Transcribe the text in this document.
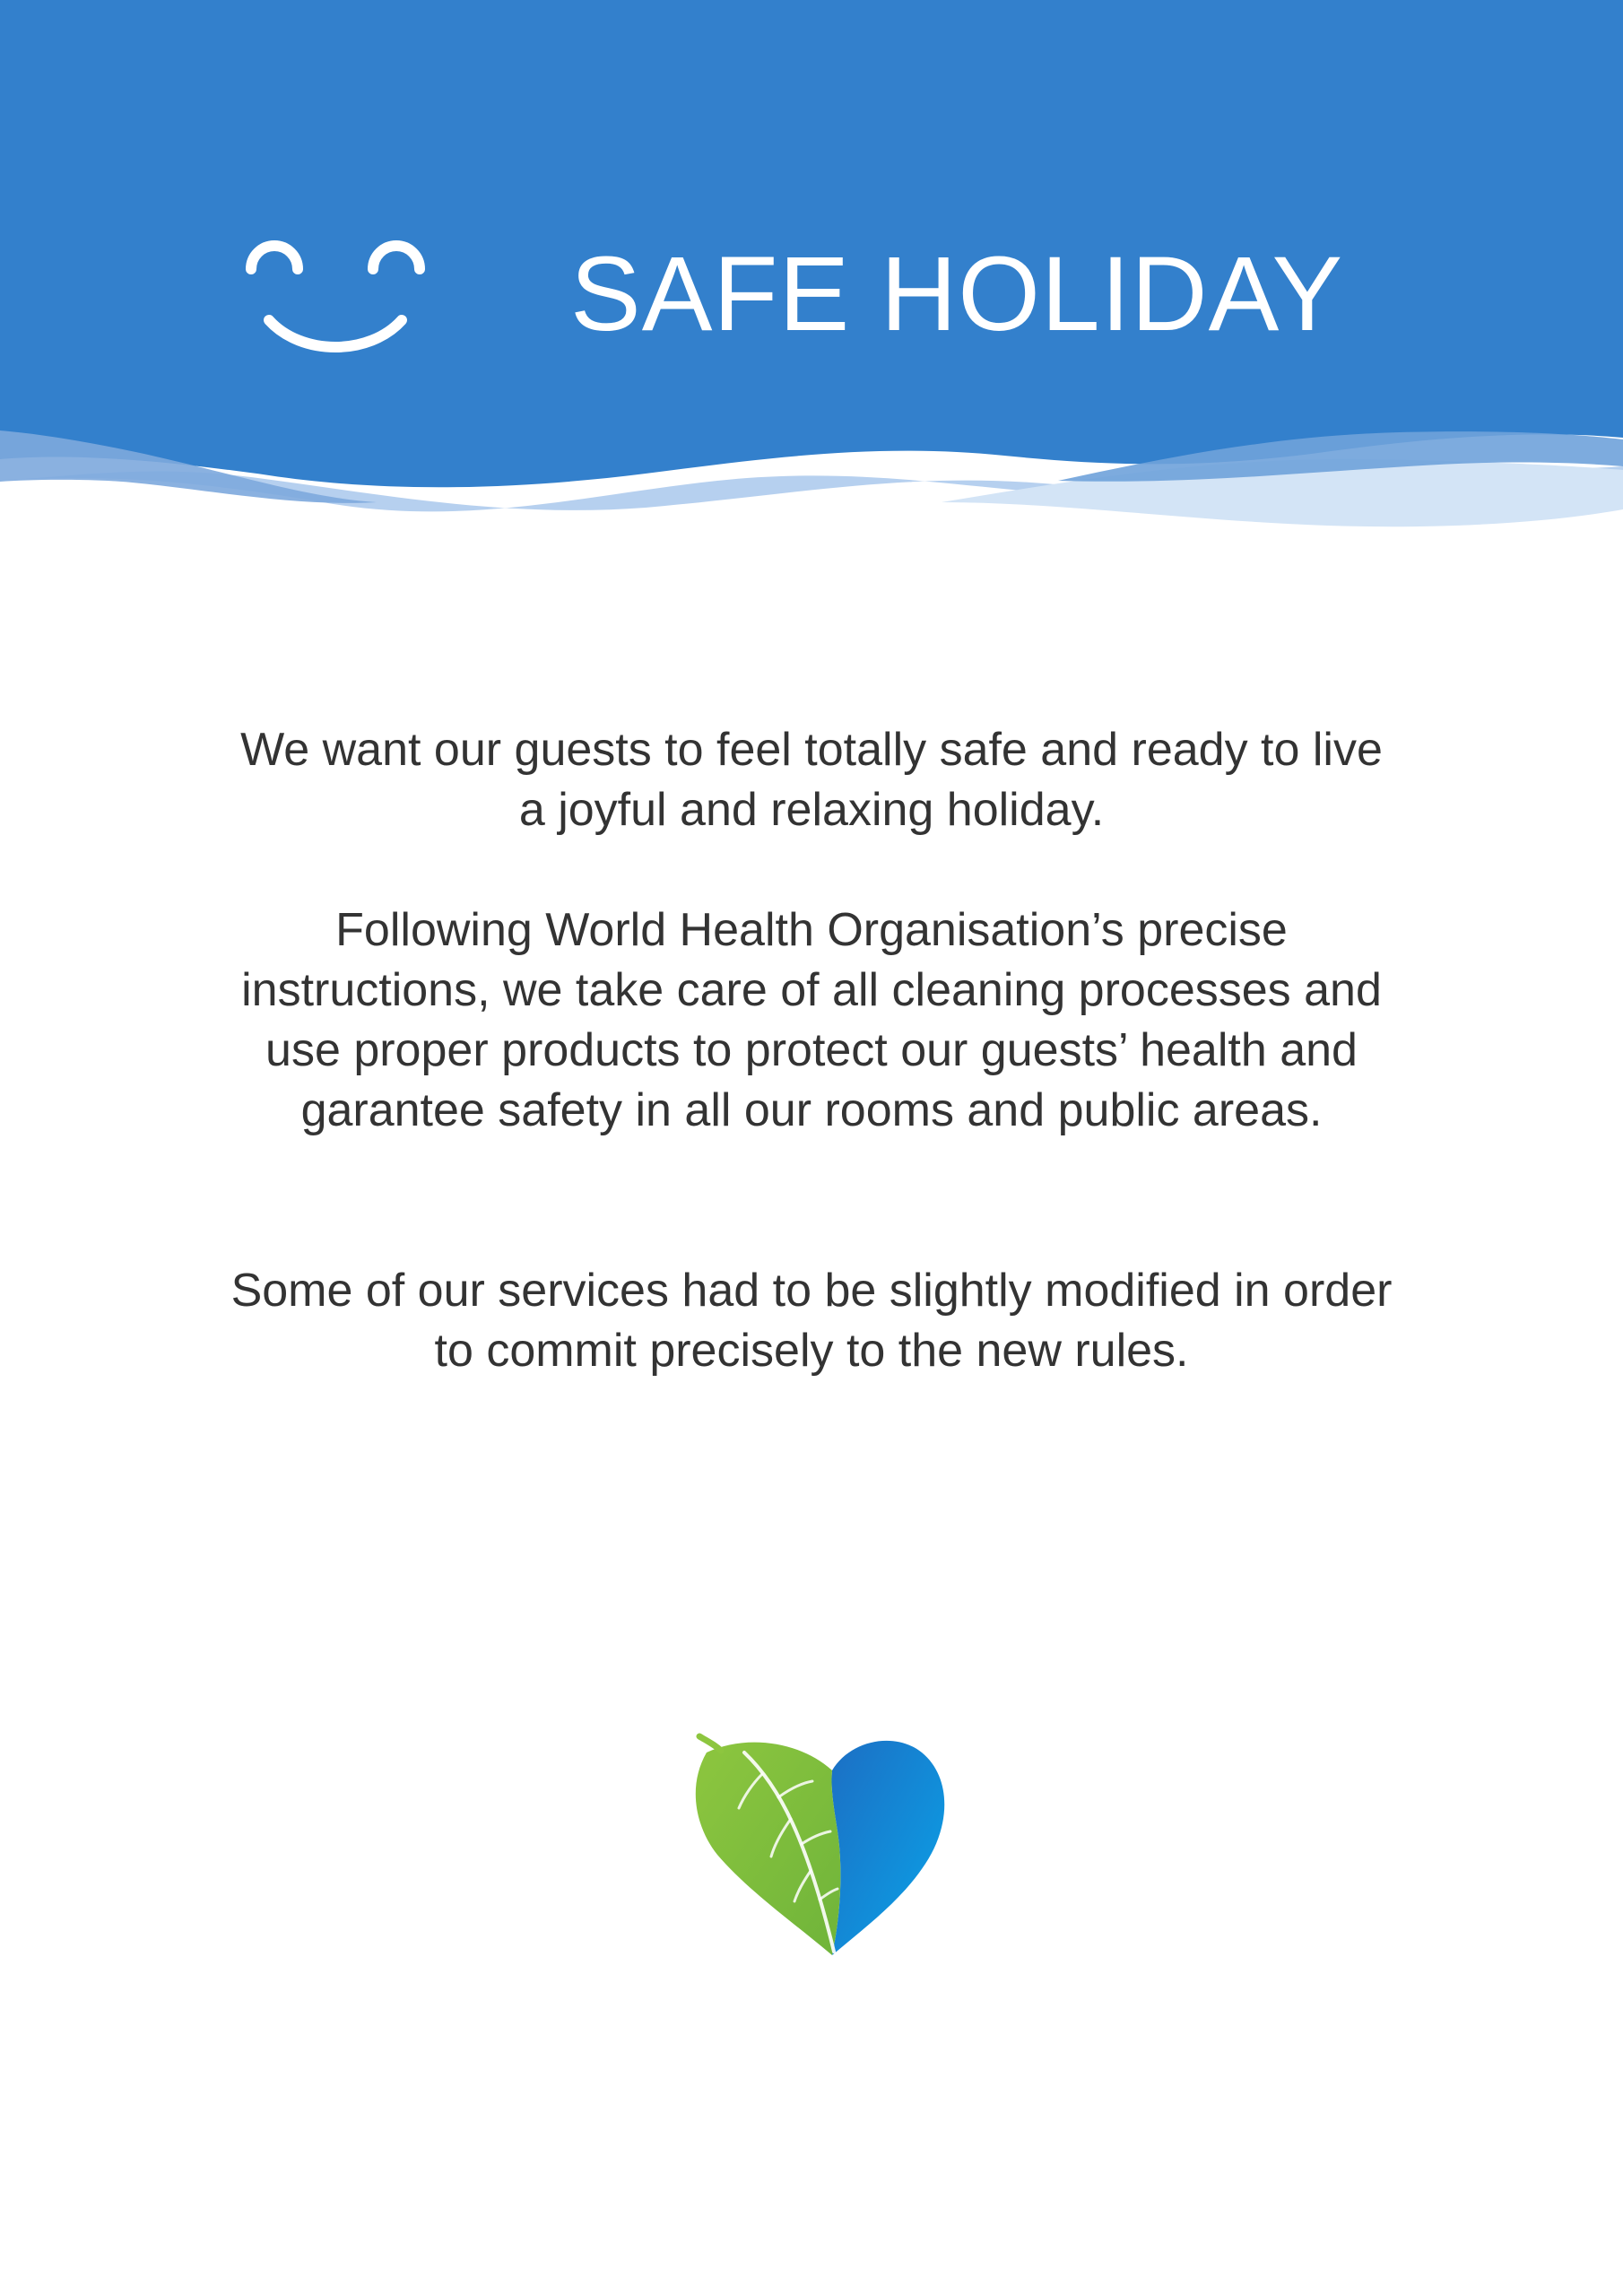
SAFE HOLIDAY

We want our guests to feel totally safe and ready to live
a joyful and relaxing holiday.

Following World Health Organisation’s precise
instructions, we take care of all cleaning processes and
use proper products to protect our guests’ health and
garantee safety in all our rooms and public areas.

Some of our services had to be slightly modified in order
to commit precisely to the new rules.
